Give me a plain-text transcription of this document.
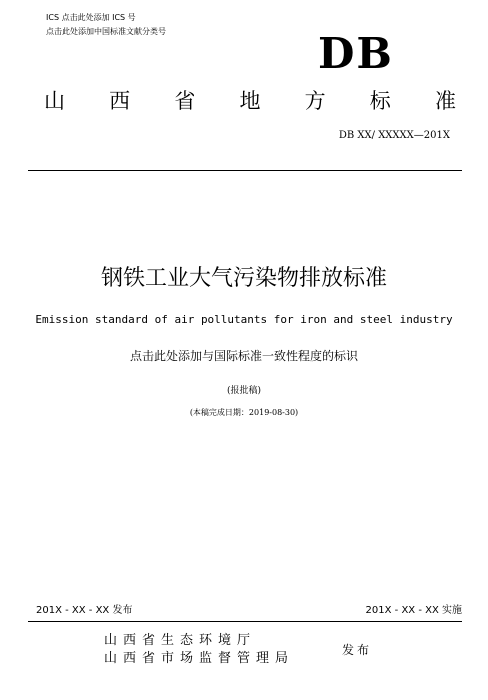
ICS 点击此处添加 ICS 号
点击此处添加中国标准文献分类号	DB
山 西 省 地 方 标 准
DB XX/ XXXXX—201X
钢铁工业大气污染物排放标准
Emission standard of air pollutants for iron and steel industry
点击此处添加与国际标准一致性程度的标识
(报批稿)
(本稿完成日期：2019-08-30)
201X - XX - XX 发布	201X - XX - XX 实施
山西省生态环境厅
山西省市场监督管理局
发布
